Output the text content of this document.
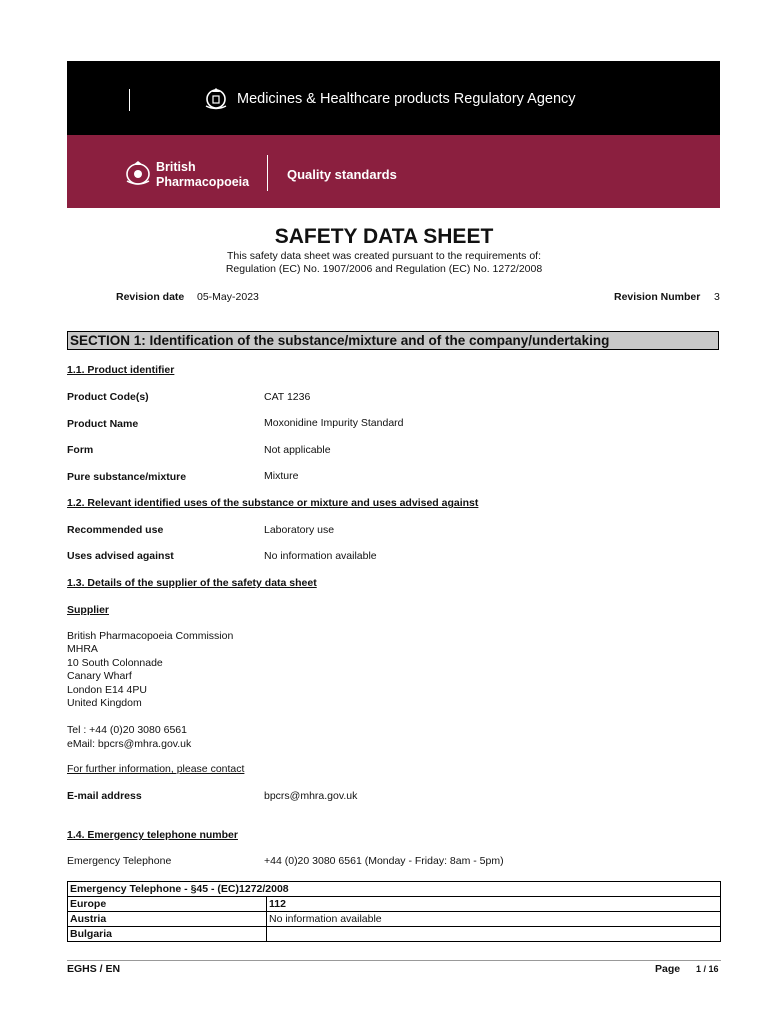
Medicines & Healthcare products Regulatory Agency
British
Pharmacopoeia	Quality standards
SAFETY DATA SHEET
This safety data sheet was created pursuant to the requirements of:
Regulation (EC) No. 1907/2006 and Regulation (EC) No. 1272/2008
Revision date 05-May-2023	Revision Number 3
SECTION 1: Identification of the substance/mixture and of the company/undertaking
1.1. Product identifier
Product Code(s)	CAT 1236
Product Name	Moxonidine Impurity Standard
Form	Not applicable
Pure substance/mixture	Mixture
1.2. Relevant identified uses of the substance or mixture and uses advised against
Recommended use	Laboratory use
Uses advised against	No information available
1.3. Details of the supplier of the safety data sheet
Supplier
British Pharmacopoeia Commission
MHRA
10 South Colonnade
Canary Wharf
London E14 4PU
United Kingdom
Tel : +44 (0)20 3080 6561
eMail: bpcrs@mhra.gov.uk
For further information, please contact
E-mail address	bpcrs@mhra.gov.uk
1.4. Emergency telephone number
Emergency Telephone	+44 (0)20 3080 6561 (Monday - Friday: 8am - 5pm)
Emergency Telephone - §45 - (EC)1272/2008	
Europe	112
Austria	No information available
Bulgaria	
EGHS / EN	Page 1 / 16
